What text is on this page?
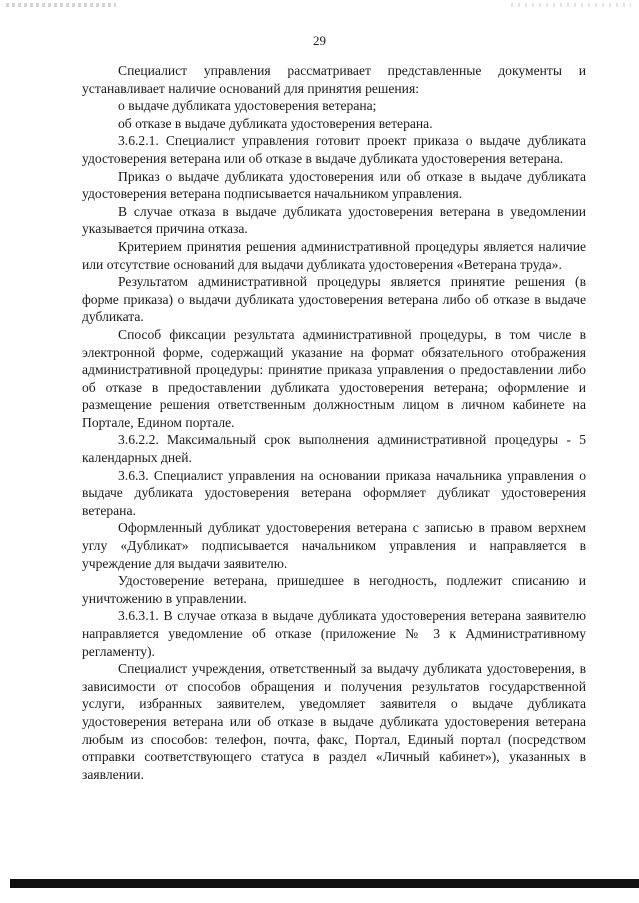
29

Специалист управления рассматривает представленные документы и устанавливает наличие оснований для принятия решения:

о выдаче дубликата удостоверения ветерана;

об отказе в выдаче дубликата удостоверения ветерана.

3.6.2.1. Специалист управления готовит проект приказа о выдаче дубликата удостоверения ветерана или об отказе в выдаче дубликата удостоверения ветерана.

Приказ о выдаче дубликата удостоверения или об отказе в выдаче дубликата удостоверения ветерана подписывается начальником управления.

В случае отказа в выдаче дубликата удостоверения ветерана в уведомлении указывается причина отказа.

Критерием принятия решения административной процедуры является наличие или отсутствие оснований для выдачи дубликата удостоверения «Ветерана труда».

Результатом административной процедуры является принятие решения (в форме приказа) о выдачи дубликата удостоверения ветерана либо об отказе в выдаче дубликата.

Способ фиксации результата административной процедуры, в том числе в электронной форме, содержащий указание на формат обязательного отображения административной процедуры: принятие приказа управления о предоставлении либо об отказе в предоставлении дубликата удостоверения ветерана; оформление и размещение решения ответственным должностным лицом в личном кабинете на Портале, Едином портале.

3.6.2.2. Максимальный срок выполнения административной процедуры - 5 календарных дней.

3.6.3. Специалист управления на основании приказа начальника управления о выдаче дубликата удостоверения ветерана оформляет дубликат удостоверения ветерана.

Оформленный дубликат удостоверения ветерана с записью в правом верхнем углу «Дубликат» подписывается начальником управления и направляется в учреждение для выдачи заявителю.

Удостоверение ветерана, пришедшее в негодность, подлежит списанию и уничтожению в управлении.

3.6.3.1. В случае отказа в выдаче дубликата удостоверения ветерана заявителю направляется уведомление об отказе (приложение № 3 к Административному регламенту).

Специалист учреждения, ответственный за выдачу дубликата удостоверения, в зависимости от способов обращения и получения результатов государственной услуги, избранных заявителем, уведомляет заявителя о выдаче дубликата удостоверения ветерана или об отказе в выдаче дубликата удостоверения ветерана любым из способов: телефон, почта, факс, Портал, Единый портал (посредством отправки соответствующего статуса в раздел «Личный кабинет»), указанных в заявлении.
